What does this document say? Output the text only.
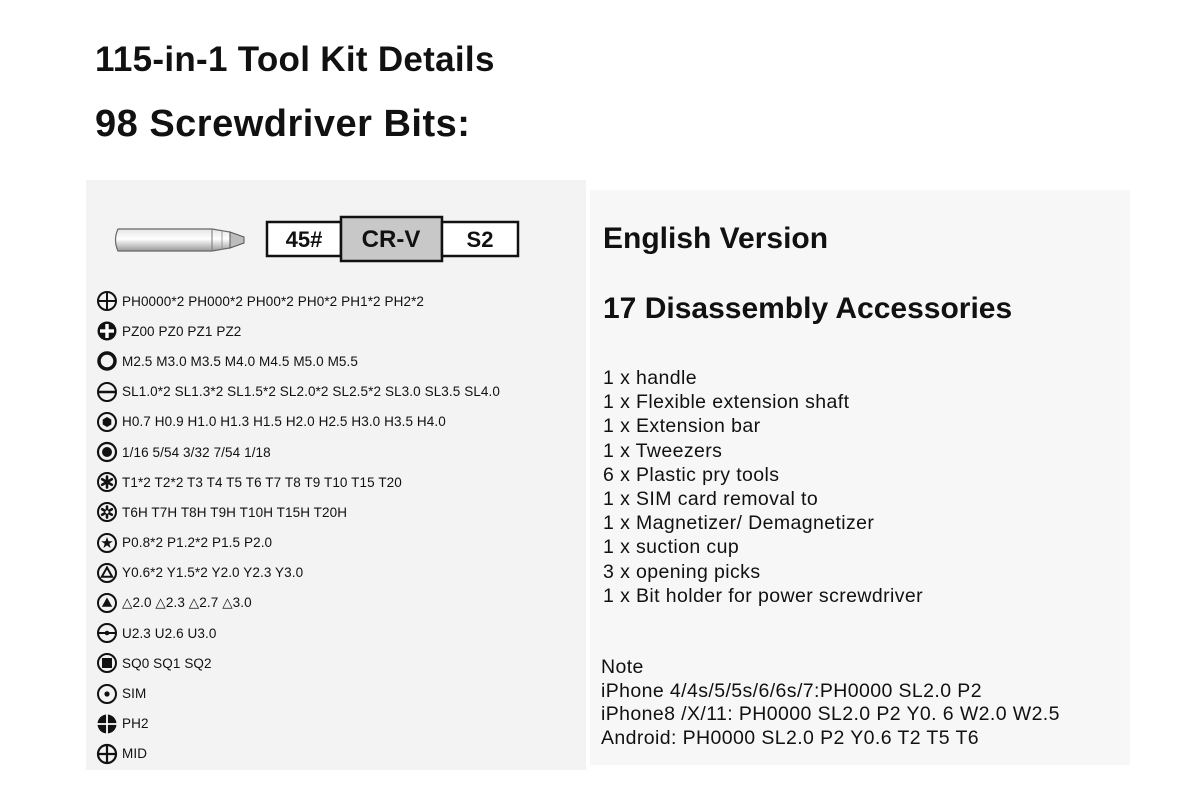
115-in-1 Tool Kit Details
98 Screwdriver Bits:
45# CR-V S2
PH0000*2 PH000*2 PH00*2 PH0*2 PH1*2 PH2*2
PZ00 PZ0 PZ1 PZ2
M2.5 M3.0 M3.5 M4.0 M4.5 M5.0 M5.5
SL1.0*2 SL1.3*2 SL1.5*2 SL2.0*2 SL2.5*2 SL3.0 SL3.5 SL4.0
H0.7 H0.9 H1.0 H1.3 H1.5 H2.0 H2.5 H3.0 H3.5 H4.0
1/16 5/54 3/32 7/54 1/18
T1*2 T2*2 T3 T4 T5 T6 T7 T8 T9 T10 T15 T20
T6H T7H T8H T9H T10H T15H T20H
P0.8*2 P1.2*2 P1.5 P2.0
Y0.6*2 Y1.5*2 Y2.0 Y2.3 Y3.0
△2.0 △2.3 △2.7 △3.0
U2.3 U2.6 U3.0
SQ0 SQ1 SQ2
SIM
PH2
MID
English Version
17 Disassembly Accessories
1 x handle
1 x Flexible extension shaft
1 x Extension bar
1 x Tweezers
6 x Plastic pry tools
1 x SIM card removal to
1 x Magnetizer/ Demagnetizer
1 x suction cup
3 x opening picks
1 x Bit holder for power screwdriver
Note
iPhone 4/4s/5/5s/6/6s/7:PH0000 SL2.0 P2
iPhone8 /X/11: PH0000 SL2.0 P2 Y0. 6 W2.0 W2.5
Android: PH0000 SL2.0 P2 Y0.6 T2 T5 T6
